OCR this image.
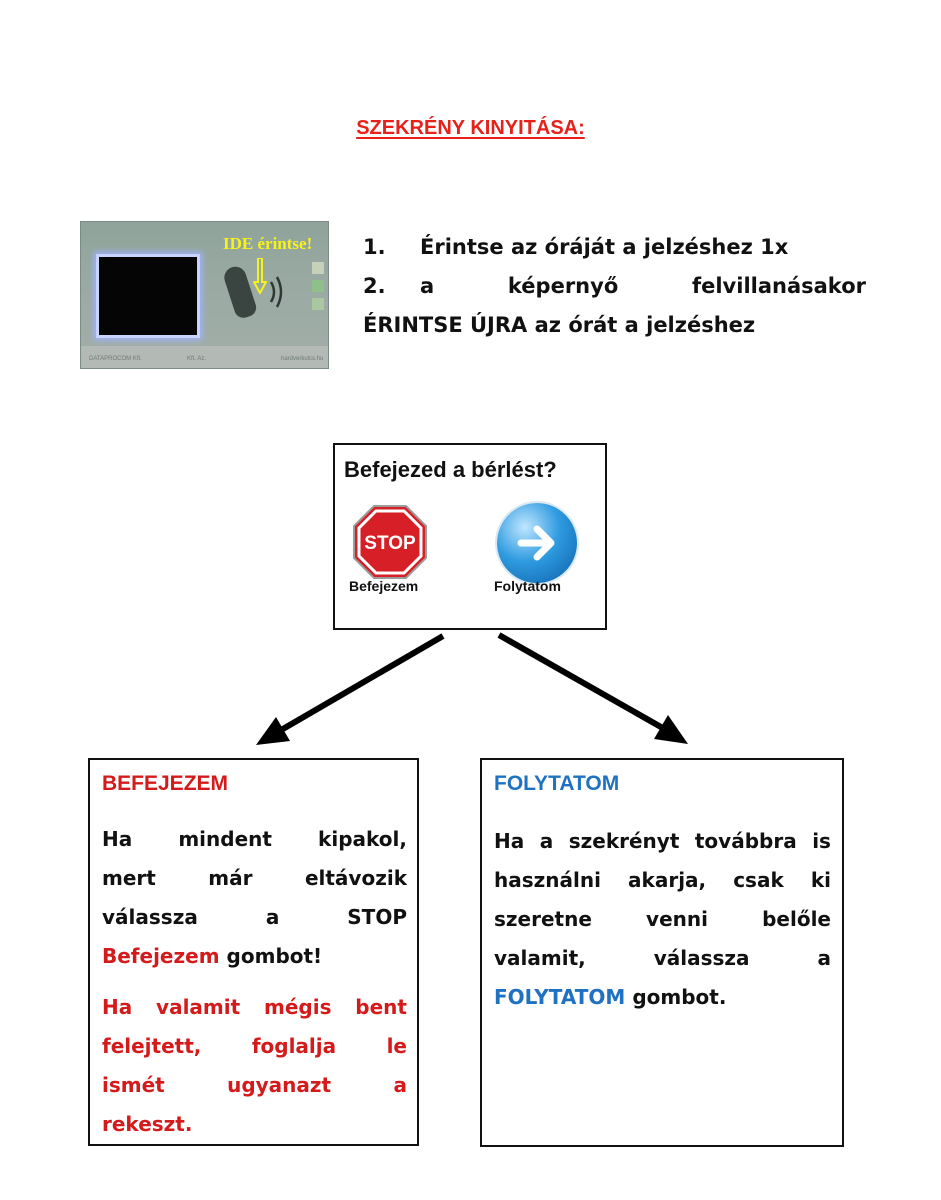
SZEKRÉNY KINYITÁSA:
IDE érintse!
DATAPROCOM Kft.	Kft. Az.	hardverkulcs.hu
1.	Érintse az óráját a jelzéshez 1x
2.	a	képernyő	felvillanásakor
ÉRINTSE ÚJRA
az órát a jelzéshez
Befejezed a bérlést?
STOP
Befejezem	Folytatom
BEFEJEZEM
Ha mindent kipakol,
mert	már	eltávozik
válassza	a	STOP
Befejezem gombot!
Ha valamit mégis bent
felejtett,	foglalja	le
ismét	ugyanazt	a
rekeszt.
FOLYTATOM
Ha a szekrényt továbbra is
használni akarja, csak ki
szeretne	venni	belőle
valamit,	válassza	a
FOLYTATOM gombot.
